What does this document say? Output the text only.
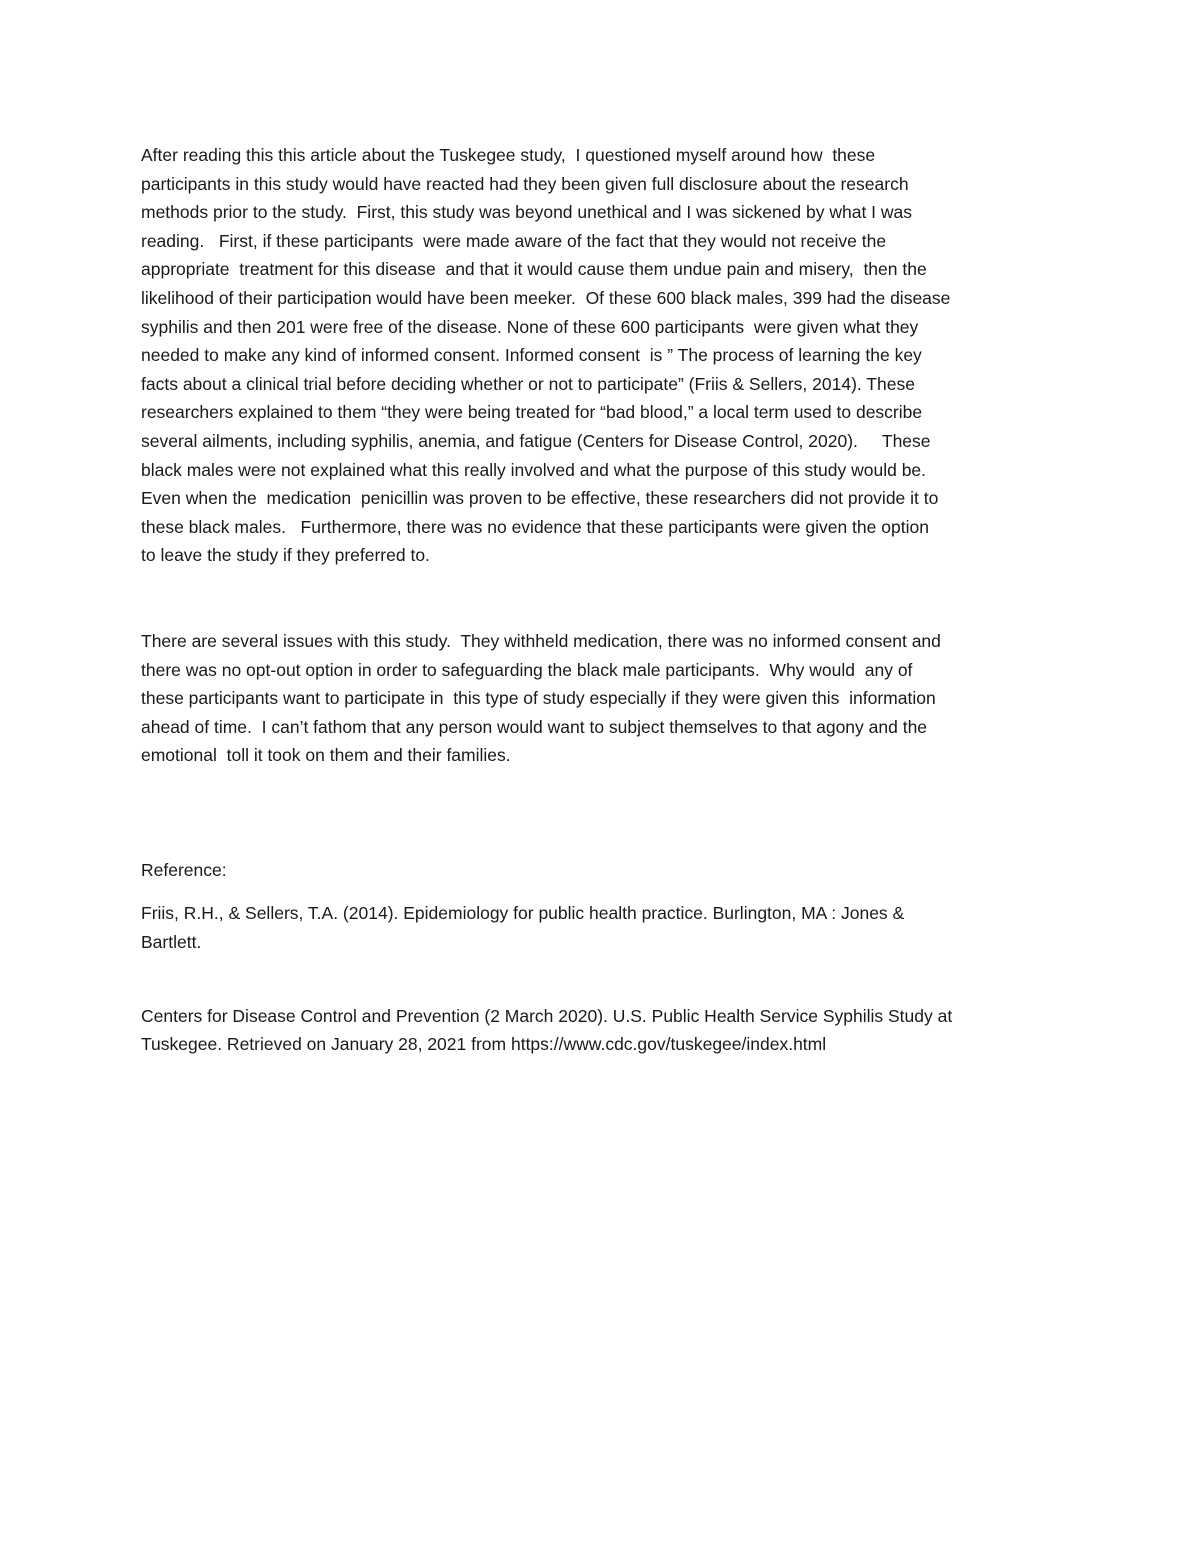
After reading this this article about the Tuskegee study,  I questioned myself around how  these
participants in this study would have reacted had they been given full disclosure about the research
methods prior to the study.  First, this study was beyond unethical and I was sickened by what I was
reading.   First, if these participants  were made aware of the fact that they would not receive the
appropriate  treatment for this disease  and that it would cause them undue pain and misery,  then the
likelihood of their participation would have been meeker.  Of these 600 black males, 399 had the disease
syphilis and then 201 were free of the disease. None of these 600 participants  were given what they
needed to make any kind of informed consent. Informed consent  is ” The process of learning the key
facts about a clinical trial before deciding whether or not to participate” (Friis & Sellers, 2014). These
researchers explained to them “they were being treated for “bad blood,” a local term used to describe
several ailments, including syphilis, anemia, and fatigue (Centers for Disease Control, 2020).     These
black males were not explained what this really involved and what the purpose of this study would be.
Even when the  medication  penicillin was proven to be effective, these researchers did not provide it to
these black males.   Furthermore, there was no evidence that these participants were given the option
to leave the study if they preferred to.
There are several issues with this study.  They withheld medication, there was no informed consent and
there was no opt-out option in order to safeguarding the black male participants.  Why would  any of
these participants want to participate in  this type of study especially if they were given this  information
ahead of time.  I can’t fathom that any person would want to subject themselves to that agony and the
emotional  toll it took on them and their families.
Reference:
Friis, R.H., & Sellers, T.A. (2014). Epidemiology for public health practice. Burlington, MA : Jones &
Bartlett.
Centers for Disease Control and Prevention (2 March 2020). U.S. Public Health Service Syphilis Study at
Tuskegee. Retrieved on January 28, 2021 from https://www.cdc.gov/tuskegee/index.html
